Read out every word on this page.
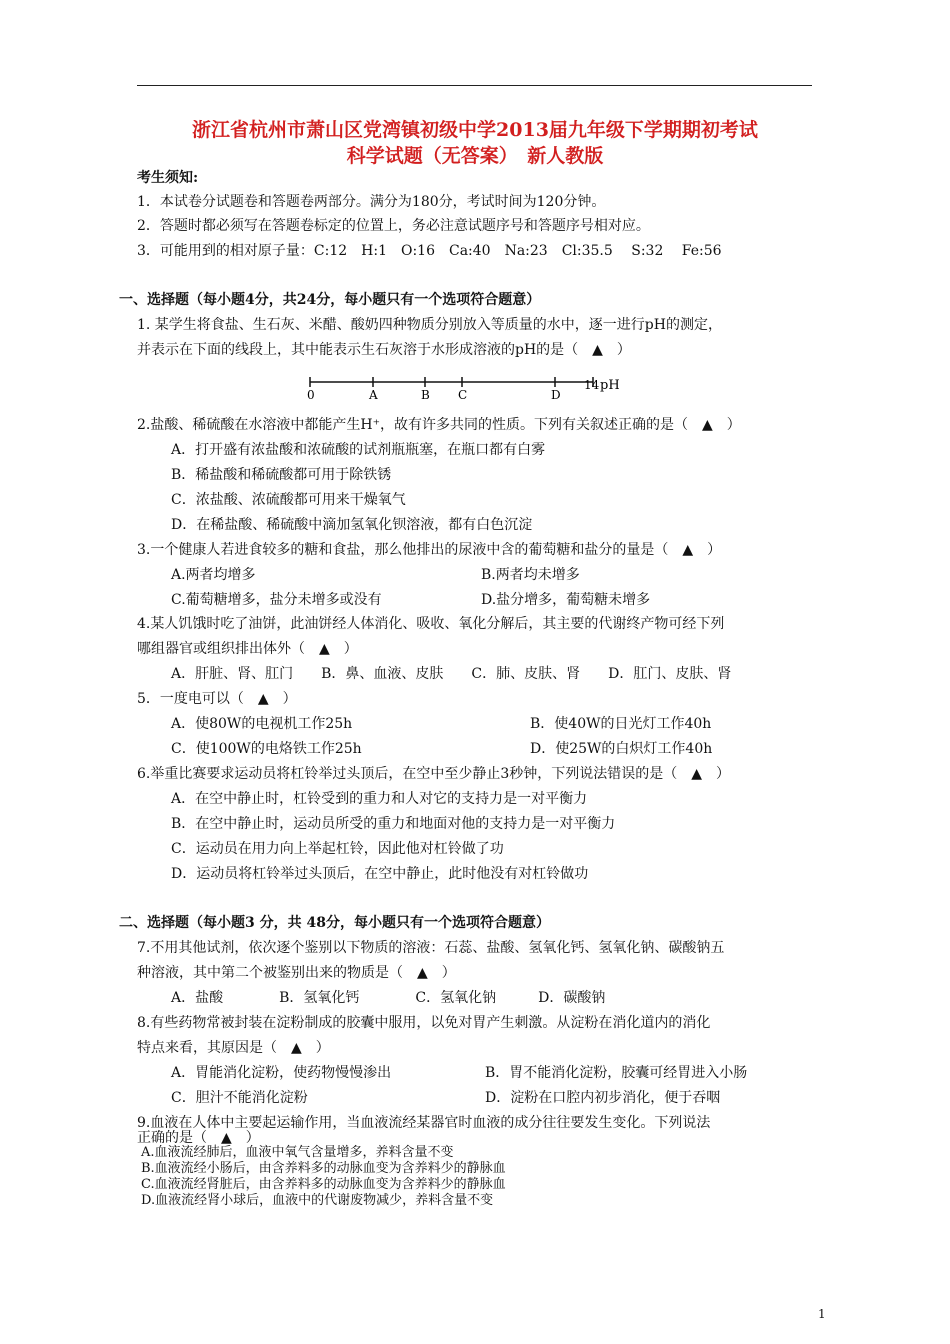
浙江省杭州市萧山区党湾镇初级中学2013届九年级下学期期初考试
科学试题（无答案）　新人教版
考生须知:
1．本试卷分试题卷和答题卷两部分。满分为180分，考试时间为120分钟。
2．答题时都必须写在答题卷标定的位置上，务必注意试题序号和答题序号相对应。
3．可能用到的相对原子量：C:12　H:1　O:16　Ca:40　Na:23　Cl:35.5　 S:32　 Fe:56
一、选择题（每小题4分，共24分，每小题只有一个选项符合题意）
1. 某学生将食盐、生石灰、米醋、酸奶四种物质分别放入等质量的水中，逐一进行pH的测定，
并表示在下面的线段上，其中能表示生石灰溶于水形成溶液的pH的是（　▲　）
0	A	B C	D
14 pH
2.盐酸、稀硫酸在水溶液中都能产生H⁺，故有许多共同的性质。下列有关叙述正确的是（　▲　）
A．打开盛有浓盐酸和浓硫酸的试剂瓶瓶塞，在瓶口都有白雾
B．稀盐酸和稀硫酸都可用于除铁锈
C．浓盐酸、浓硫酸都可用来干燥氧气
D．在稀盐酸、稀硫酸中滴加氢氧化钡溶液，都有白色沉淀
3.一个健康人若进食较多的糖和食盐，那么他排出的尿液中含的葡萄糖和盐分的量是（　▲　）
A.两者均增多	B.两者均未增多
C.葡萄糖增多，盐分未增多或没有	D.盐分增多，葡萄糖未增多
4.某人饥饿时吃了油饼，此油饼经人体消化、吸收、氧化分解后，其主要的代谢终产物可经下列
哪组器官或组织排出体外（　▲　）
A．肝脏、肾、肛门　　B．鼻、血液、皮肤　　C．肺、皮肤、肾　　D．肛门、皮肤、肾
5．一度电可以（　▲　）
A．使80W的电视机工作25h	B．使40W的日光灯工作40h
C．使100W的电烙铁工作25h	D．使25W的白炽灯工作40h
6.举重比赛要求运动员将杠铃举过头顶后，在空中至少静止3秒钟，下列说法错误的是（　▲　）
A．在空中静止时，杠铃受到的重力和人对它的支持力是一对平衡力
B．在空中静止时，运动员所受的重力和地面对他的支持力是一对平衡力
C．运动员在用力向上举起杠铃，因此他对杠铃做了功
D．运动员将杠铃举过头顶后，在空中静止，此时他没有对杠铃做功
二、选择题（每小题3 分，共 48分，每小题只有一个选项符合题意）
7.不用其他试剂，依次逐个鉴别以下物质的溶液：石蕊、盐酸、氢氧化钙、氢氧化钠、碳酸钠五
种溶液，其中第二个被鉴别出来的物质是（　▲　）
A．盐酸　　　　B．氢氧化钙　　　　C．氢氧化钠　　　D．碳酸钠
8.有些药物常被封装在淀粉制成的胶囊中服用，以免对胃产生刺激。从淀粉在消化道内的消化
特点来看，其原因是（　▲　）
A．胃能消化淀粉，使药物慢慢渗出	B．胃不能消化淀粉，胶囊可经胃进入小肠
C．胆汁不能消化淀粉	D．淀粉在口腔内初步消化，便于吞咽
9.血液在人体中主要起运输作用，当血液流经某器官时血液的成分往往要发生变化。下列说法
正确的是（　▲　）
A.血液流经肺后，血液中氧气含量增多，养料含量不变
B.血液流经小肠后，由含养料多的动脉血变为含养料少的静脉血
C.血液流经肾脏后，由含养料多的动脉血变为含养料少的静脉血
D.血液流经肾小球后，血液中的代谢废物减少，养料含量不变
1
